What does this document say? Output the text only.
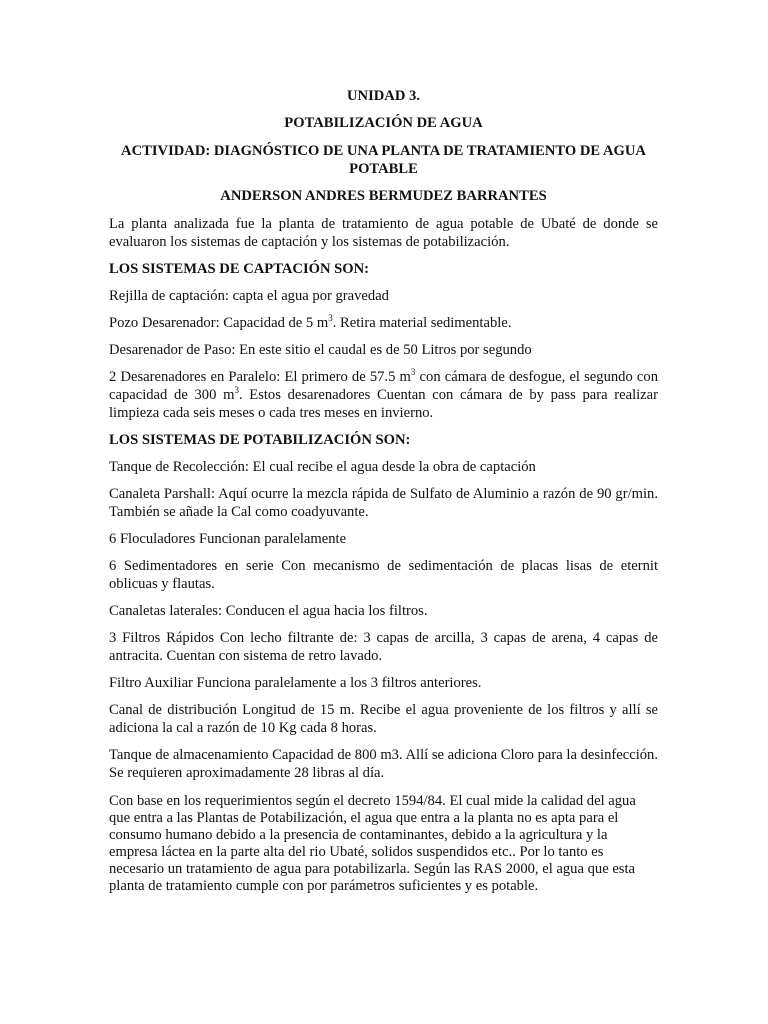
UNIDAD 3.
POTABILIZACIÓN DE AGUA
ACTIVIDAD: DIAGNÓSTICO DE UNA PLANTA DE TRATAMIENTO DE AGUA POTABLE
ANDERSON ANDRES BERMUDEZ BARRANTES

La planta analizada fue la planta de tratamiento de agua potable de Ubaté de donde se evaluaron los sistemas de captación y los sistemas de potabilización.

LOS SISTEMAS DE CAPTACIÓN SON:

Rejilla de captación: capta el agua por gravedad

Pozo Desarenador: Capacidad de 5 $m^3$. Retira material sedimentable.

Desarenador de Paso: En este sitio el caudal es de 50 Litros por segundo

2 Desarenadores en Paralelo: El primero de 57.5 $m^3$ con cámara de desfogue, el segundo con capacidad de 300 $m^3$. Estos desarenadores Cuentan con cámara de by pass para realizar limpieza cada seis meses o cada tres meses en invierno.

LOS SISTEMAS DE POTABILIZACIÓN SON:

Tanque de Recolección: El cual recibe el agua desde la obra de captación

Canaleta Parshall: Aquí ocurre la mezcla rápida de Sulfato de Aluminio a razón de 90 gr/min. También se añade la Cal como coadyuvante.

6 Floculadores Funcionan paralelamente

6 Sedimentadores en serie Con mecanismo de sedimentación de placas lisas de eternit oblicuas y flautas.

Canaletas laterales: Conducen el agua hacia los filtros.

3 Filtros Rápidos Con lecho filtrante de: 3 capas de arcilla, 3 capas de arena, 4 capas de antracita. Cuentan con sistema de retro lavado.

Filtro Auxiliar Funciona paralelamente a los 3 filtros anteriores.

Canal de distribución Longitud de 15 m. Recibe el agua proveniente de los filtros y allí se adiciona la cal a razón de 10 Kg cada 8 horas.

Tanque de almacenamiento Capacidad de 800 m3. Allí se adiciona Cloro para la desinfección. Se requieren aproximadamente 28 libras al día.

Con base en los requerimientos según el decreto 1594/84. El cual mide la calidad del agua que entra a las Plantas de Potabilización, el agua que entra a la planta no es apta para el consumo humano debido a la presencia de contaminantes, debido a la agricultura y la empresa láctea en la parte alta del rio Ubaté, solidos suspendidos etc.. Por lo tanto es necesario un tratamiento de agua para potabilizarla. Según las RAS 2000, el agua que esta planta de tratamiento cumple con por parámetros suficientes y es potable.
